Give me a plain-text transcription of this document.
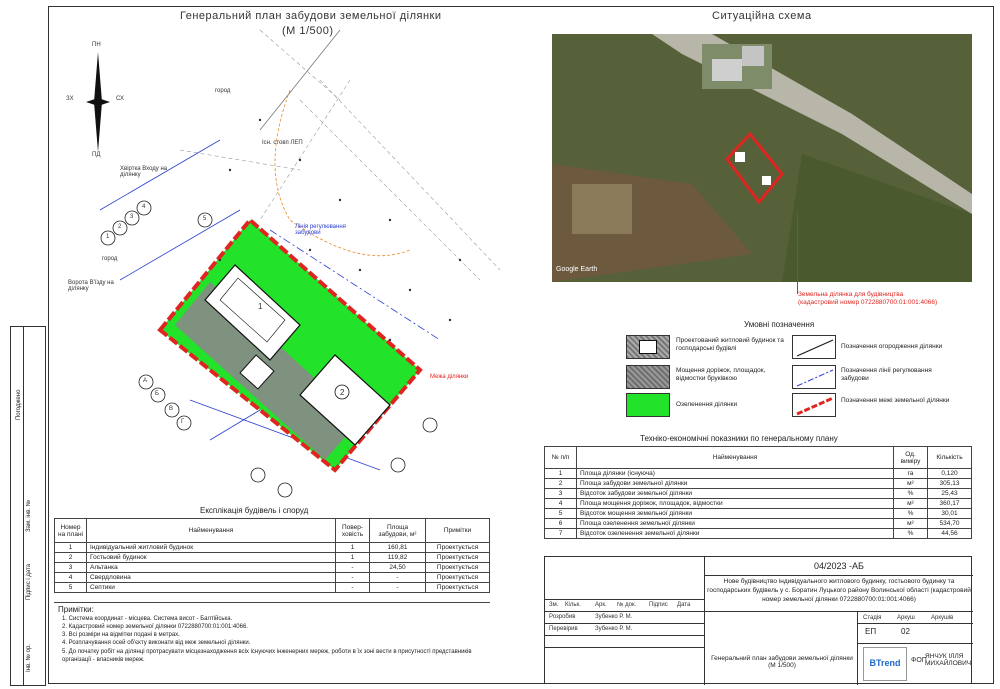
Погоджено
Зам. інв. №
Підпис і дата
Інв. № ор.
Генеральний план забудови земельної ділянки
(М 1/500)
ПН
ПД
ЗХ	СХ
1
2
город
город
Хвіртка Входу на ділянку
Ворота В'їзду на ділянку
Лінія регулювання забудови
Межа ділянки
Існ. стовп ЛЕП
А
Б
В
Г
1
2
3
4
5
Ситуаційна схема
Google Earth
Земельна ділянка для будівництва
(кадастровий номер 0722880700:01:001:4066)
Умовні позначення
Проектований житловий будинок та господарські будівлі
Мощення доріжок, площадок, відмостки бруківкою
Озеленення ділянки
Позначення огородження ділянки
Позначення лінії регулювання забудови
Позначення межі земельної ділянки
Техніко-економічні показники по генеральному плану
№ п/п	Найменування	Од. виміру	Кількість
1	Площа ділянки (існуюча)	га	0,120
2	Площа забудови земельної ділянки	м²	305,13
3	Відсоток забудови земельної ділянки	%	25,43
4	Площа мощення доріжок, площадок, відмостки	м²	360,17
5	Відсоток мощення земельної ділянки	%	30,01
6	Площа озеленення земельної ділянки	м²	534,70
7	Відсоток озеленення земельної ділянки	%	44,56
Експлікація будівель і споруд
Номер на плані	Найменування	Повер-ховість	Площа забудови, м²	Примітки
1	Індивідуальний житловий будинок	1	160,81	Проектується
2	Гостьовий будинок	1	119,82	Проектується
3	Альтанка	-	24,50	Проектується
4	Свердловина	-	-	Проектується
5	Септики	-	-	Проектується
Примітки:
1. Система координат - місцева. Система висот - Балтійська.
2. Кадастровий номер земельної ділянки 0722880700:01:001:4066.
3. Всі розміри на відмітки подані в метрах.
4. Розплачування осей об'єкту виконати від меж земельної ділянки.
5. До початку робіт на ділянці протрасувати місцезнаходження всіх існуючих інженерних мереж, роботи в їх зоні вести в присутності представників організації - власників мереж.
Зм. Кільк. Арк. № док. Підпис Дата
Розробив	Зубенко Р. М.
Перевірив	Зубенко Р. М.
04/2023 -АБ
Нове будівництво індивідуального житлового будинку, гостьового будинку та господарських будівель у с. Боратин Луцького району Волинської області (кадастровий номер земельної ділянки 0722880700:01:001:4066)
Генеральний план забудови земельної ділянки (М 1/500)
Стадія	Аркуш	Аркушів
ЕП	02
BTrend	ФОП
ЯНЧУК ІЛЛЯ МИХАЙЛОВИЧ
